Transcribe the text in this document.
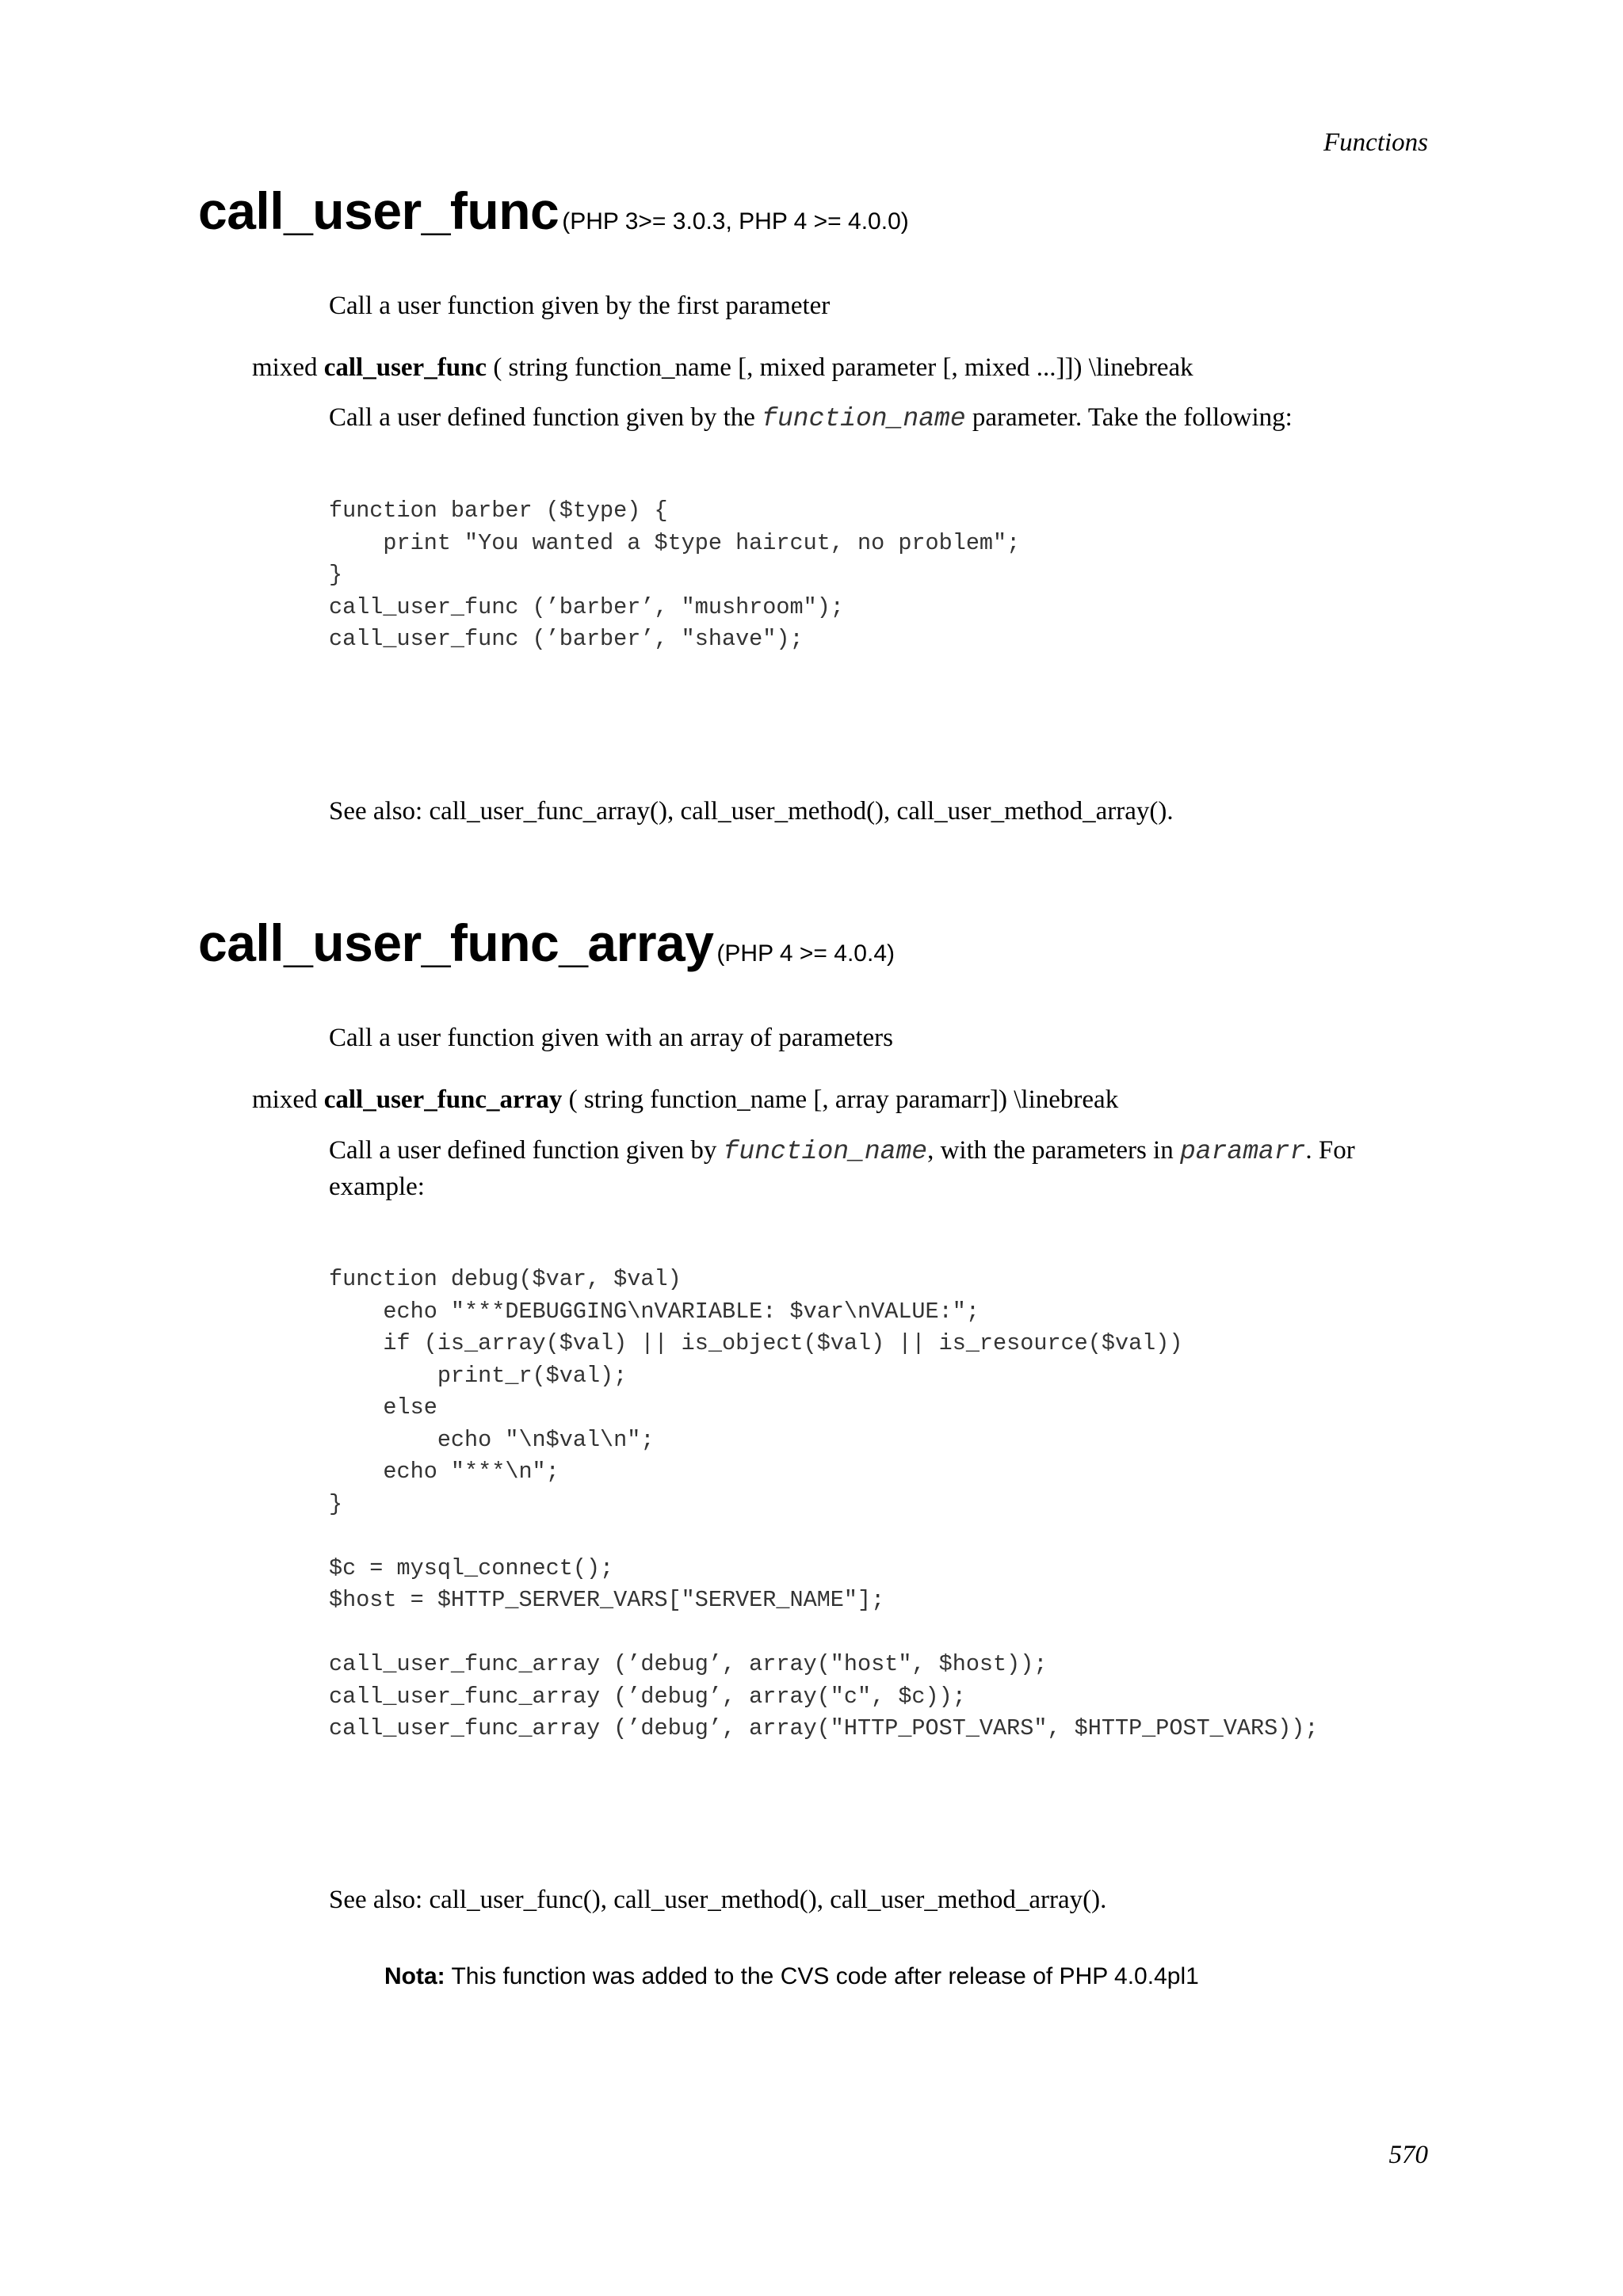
Functions
call_user_func (PHP 3>= 3.0.3, PHP 4 >= 4.0.0)
Call a user function given by the first parameter
mixed call_user_func ( string function_name [, mixed parameter [, mixed ...]]) \linebreak
Call a user defined function given by the function_name parameter. Take the following:
function barber ($type) {
print "You wanted a $type haircut, no problem";
}
call_user_func (’barber’, "mushroom");
call_user_func (’barber’, "shave");
See also: call_user_func_array(), call_user_method(), call_user_method_array().
call_user_func_array (PHP 4 >= 4.0.4)
Call a user function given with an array of parameters
mixed call_user_func_array ( string function_name [, array paramarr]) \linebreak
Call a user defined function given by function_name, with the parameters in paramarr. For example:
function debug($var, $val)
echo "***DEBUGGING\nVARIABLE: $var\nVALUE:";
if (is_array($val) || is_object($val) || is_resource($val))
print_r($val);
else
echo "\n$val\n";
echo "***\n";
}

$c = mysql_connect();
$host = $HTTP_SERVER_VARS["SERVER_NAME"];

call_user_func_array (’debug’, array("host", $host));
call_user_func_array (’debug’, array("c", $c));
call_user_func_array (’debug’, array("HTTP_POST_VARS", $HTTP_POST_VARS));
See also: call_user_func(), call_user_method(), call_user_method_array().
Nota: This function was added to the CVS code after release of PHP 4.0.4pl1
570
